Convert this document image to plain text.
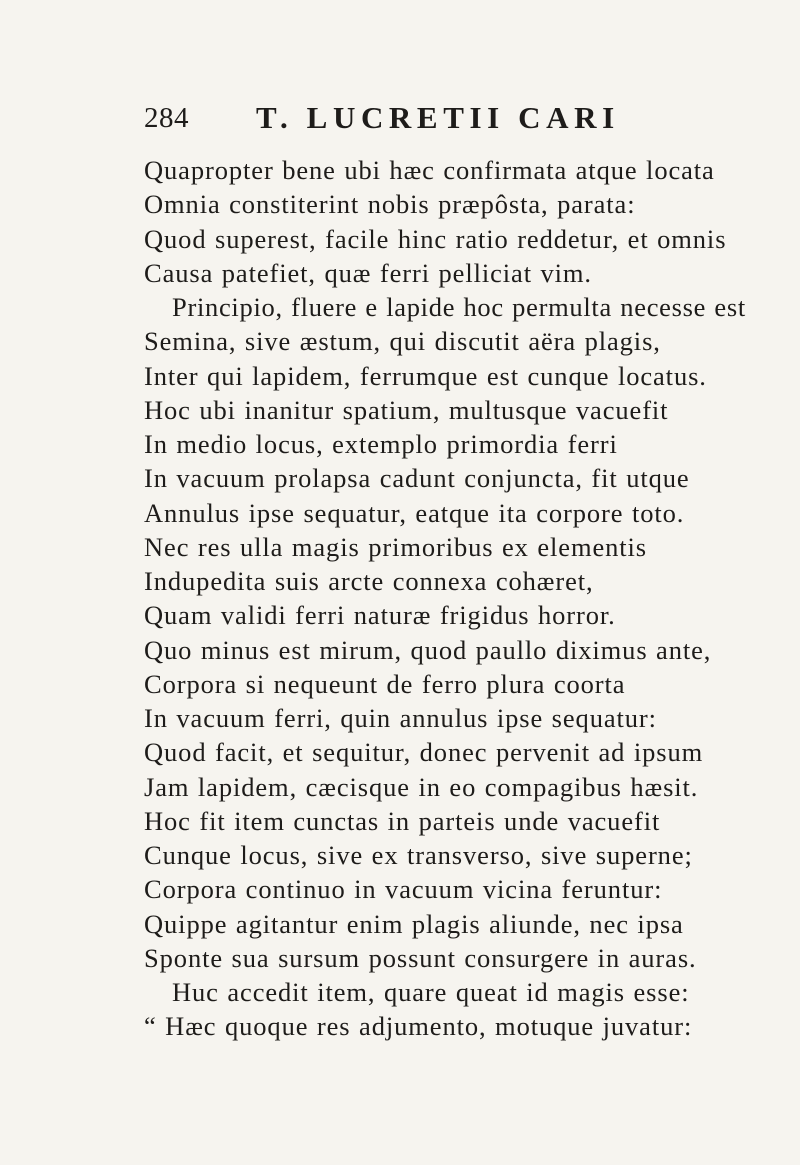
284 T. LUCRETII CARI
Quapropter bene ubi hæc confirmata atque locata
Omnia constiterint nobis præpôsta, parata:
Quod superest, facile hinc ratio reddetur, et omnis
Causa patefiet, quæ ferri pelliciat vim.
Principio, fluere e lapide hoc permulta necesse est
Semina, sive æstum, qui discutit aëra plagis,
Inter qui lapidem, ferrumque est cunque locatus.
Hoc ubi inanitur spatium, multusque vacuefit
In medio locus, extemplo primordia ferri
In vacuum prolapsa cadunt conjuncta, fit utque
Annulus ipse sequatur, eatque ita corpore toto.
Nec res ulla magis primoribus ex elementis
Indupedita suis arcte connexa cohæret,
Quam validi ferri naturæ frigidus horror.
Quo minus est mirum, quod paullo diximus ante,
Corpora si nequeunt de ferro plura coorta
In vacuum ferri, quin annulus ipse sequatur:
Quod facit, et sequitur, donec pervenit ad ipsum
Jam lapidem, cæcisque in eo compagibus hæsit.
Hoc fit item cunctas in parteis unde vacuefit
Cunque locus, sive ex transverso, sive superne;
Corpora continuo in vacuum vicina feruntur:
Quippe agitantur enim plagis aliunde, nec ipsa
Sponte sua sursum possunt consurgere in auras.
Huc accedit item, quare queat id magis esse:
“ Hæc quoque res adjumento, motuque juvatur:
